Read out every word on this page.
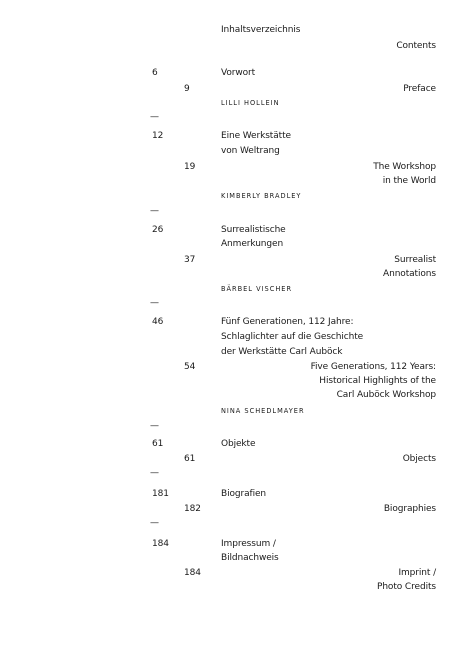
Inhaltsverzeichnis
Contents
6	Vorwort
9	Preface
LILLI HOLLEIN
—
12	Eine Werkstätte
von Weltrang
19	The Workshop
in the World
KIMBERLY BRADLEY
—
26	Surrealistische
Anmerkungen
37	Surrealist
Annotations
BÄRBEL VISCHER
—
46	Fünf Generationen, 112 Jahre:
Schlaglichter auf die Geschichte
der Werkstätte Carl Auböck
54	Five Generations, 112 Years:
Historical Highlights of the
Carl Auböck Workshop
NINA SCHEDLMAYER
—
61	Objekte
61	Objects
—
181	Biografien
182	Biographies
—
184	Impressum /
Bildnachweis
184	Imprint /
Photo Credits
